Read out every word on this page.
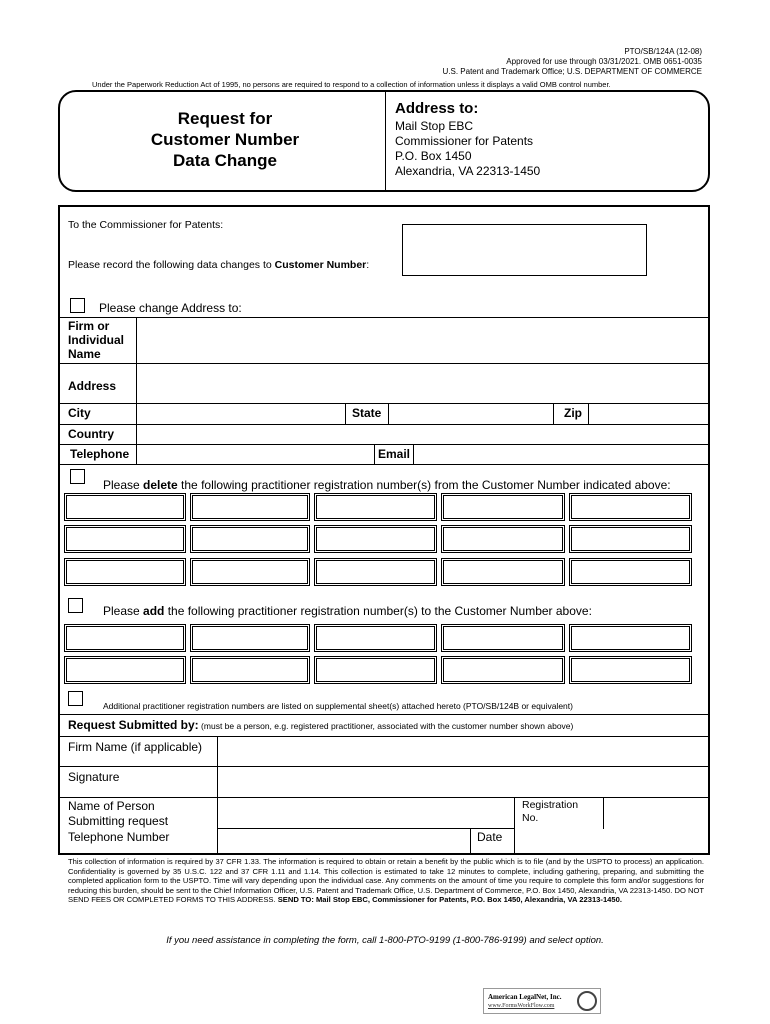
PTO/SB/124A (12-08)
Approved for use through 03/31/2021. OMB 0651-0035
U.S. Patent and Trademark Office; U.S. DEPARTMENT OF COMMERCE
Under the Paperwork Reduction Act of 1995, no persons are required to respond to a collection of information unless it displays a valid OMB control number.
Request for
Customer Number
Data Change
Address to:
Mail Stop EBC
Commissioner for Patents
P.O. Box 1450
Alexandria, VA 22313-1450
To the Commissioner for Patents:
Please record the following data changes to Customer Number:
Please change Address to:
Firm or
Individual
Name
Address
City	State	Zip
Country
Telephone	Email
Please delete the following practitioner registration number(s) from the Customer Number indicated above:
Please add the following practitioner registration number(s) to the Customer Number above:
Additional practitioner registration numbers are listed on supplemental sheet(s) attached hereto (PTO/SB/124B or equivalent)
Request Submitted by: (must be a person, e.g. registered practitioner, associated with the customer number shown above)
Firm Name (if applicable)
Signature
Name of Person
Submitting request
Registration
No.
Telephone Number	Date
This collection of information is required by 37 CFR 1.33. The information is required to obtain or retain a benefit by the public which is to file (and by the USPTO to process) an application. Confidentiality is governed by 35 U.S.C. 122 and 37 CFR 1.11 and 1.14. This collection is estimated to take 12 minutes to complete, including gathering, preparing, and submitting the completed application form to the USPTO. Time will vary depending upon the individual case. Any comments on the amount of time you require to complete this form and/or suggestions for reducing this burden, should be sent to the Chief Information Officer, U.S. Patent and Trademark Office, U.S. Department of Commerce, P.O. Box 1450, Alexandria, VA 22313-1450. DO NOT SEND FEES OR COMPLETED FORMS TO THIS ADDRESS. SEND TO: Mail Stop EBC, Commissioner for Patents, P.O. Box 1450, Alexandria, VA 22313-1450.
If you need assistance in completing the form, call 1-800-PTO-9199 (1-800-786-9199) and select option.
American LegalNet, Inc.
www.FormsWorkFlow.com
